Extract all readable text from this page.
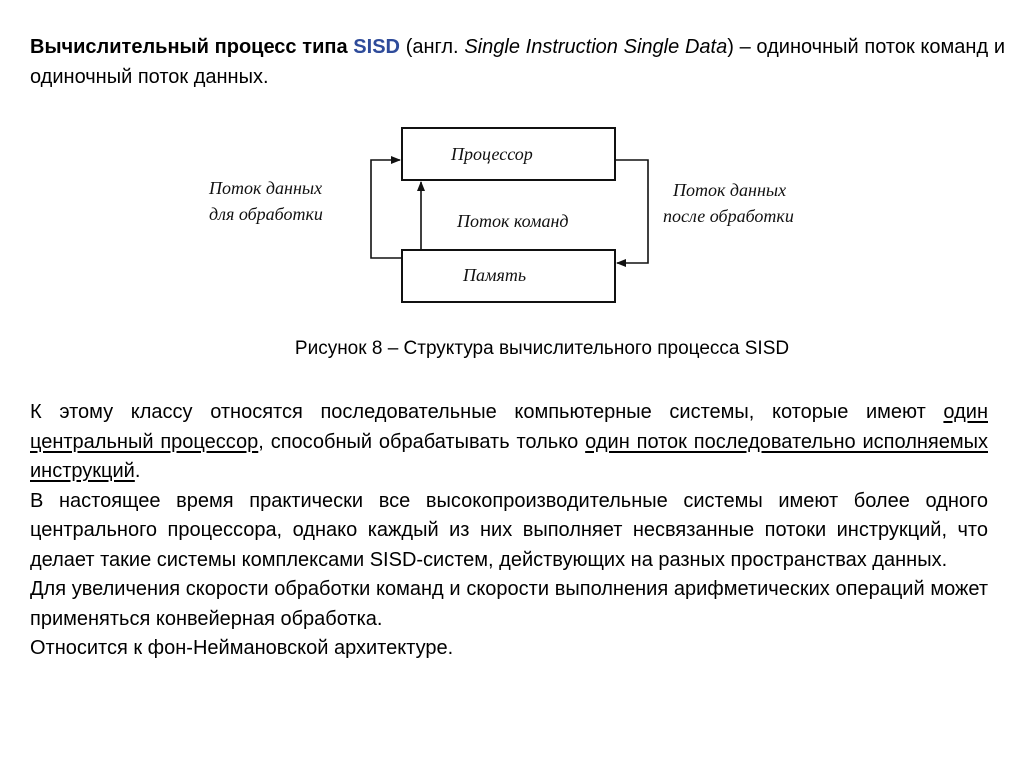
Вычислительный процесс типа SISD (англ. Single Instruction Single Data) – одиночный поток команд и одиночный поток данных.
Процессор
Память
Поток команд
Поток данных
для обработки
Поток данных
после обработки
Рисунок 8 – Структура вычислительного процесса SISD

К этому классу относятся последовательные компьютерные системы, которые имеют один центральный процессор, способный обрабатывать только один поток последовательно исполняемых инструкций.

В настоящее время практически все высокопроизводительные системы имеют более одного центрального процессора, однако каждый из них выполняет несвязанные потоки инструкций, что делает такие системы комплексами SISD-систем, действующих на разных пространствах данных.

Для увеличения скорости обработки команд и скорости выполнения арифметических операций может применяться конвейерная обработка.

Относится к фон-Неймановской архитектуре.
